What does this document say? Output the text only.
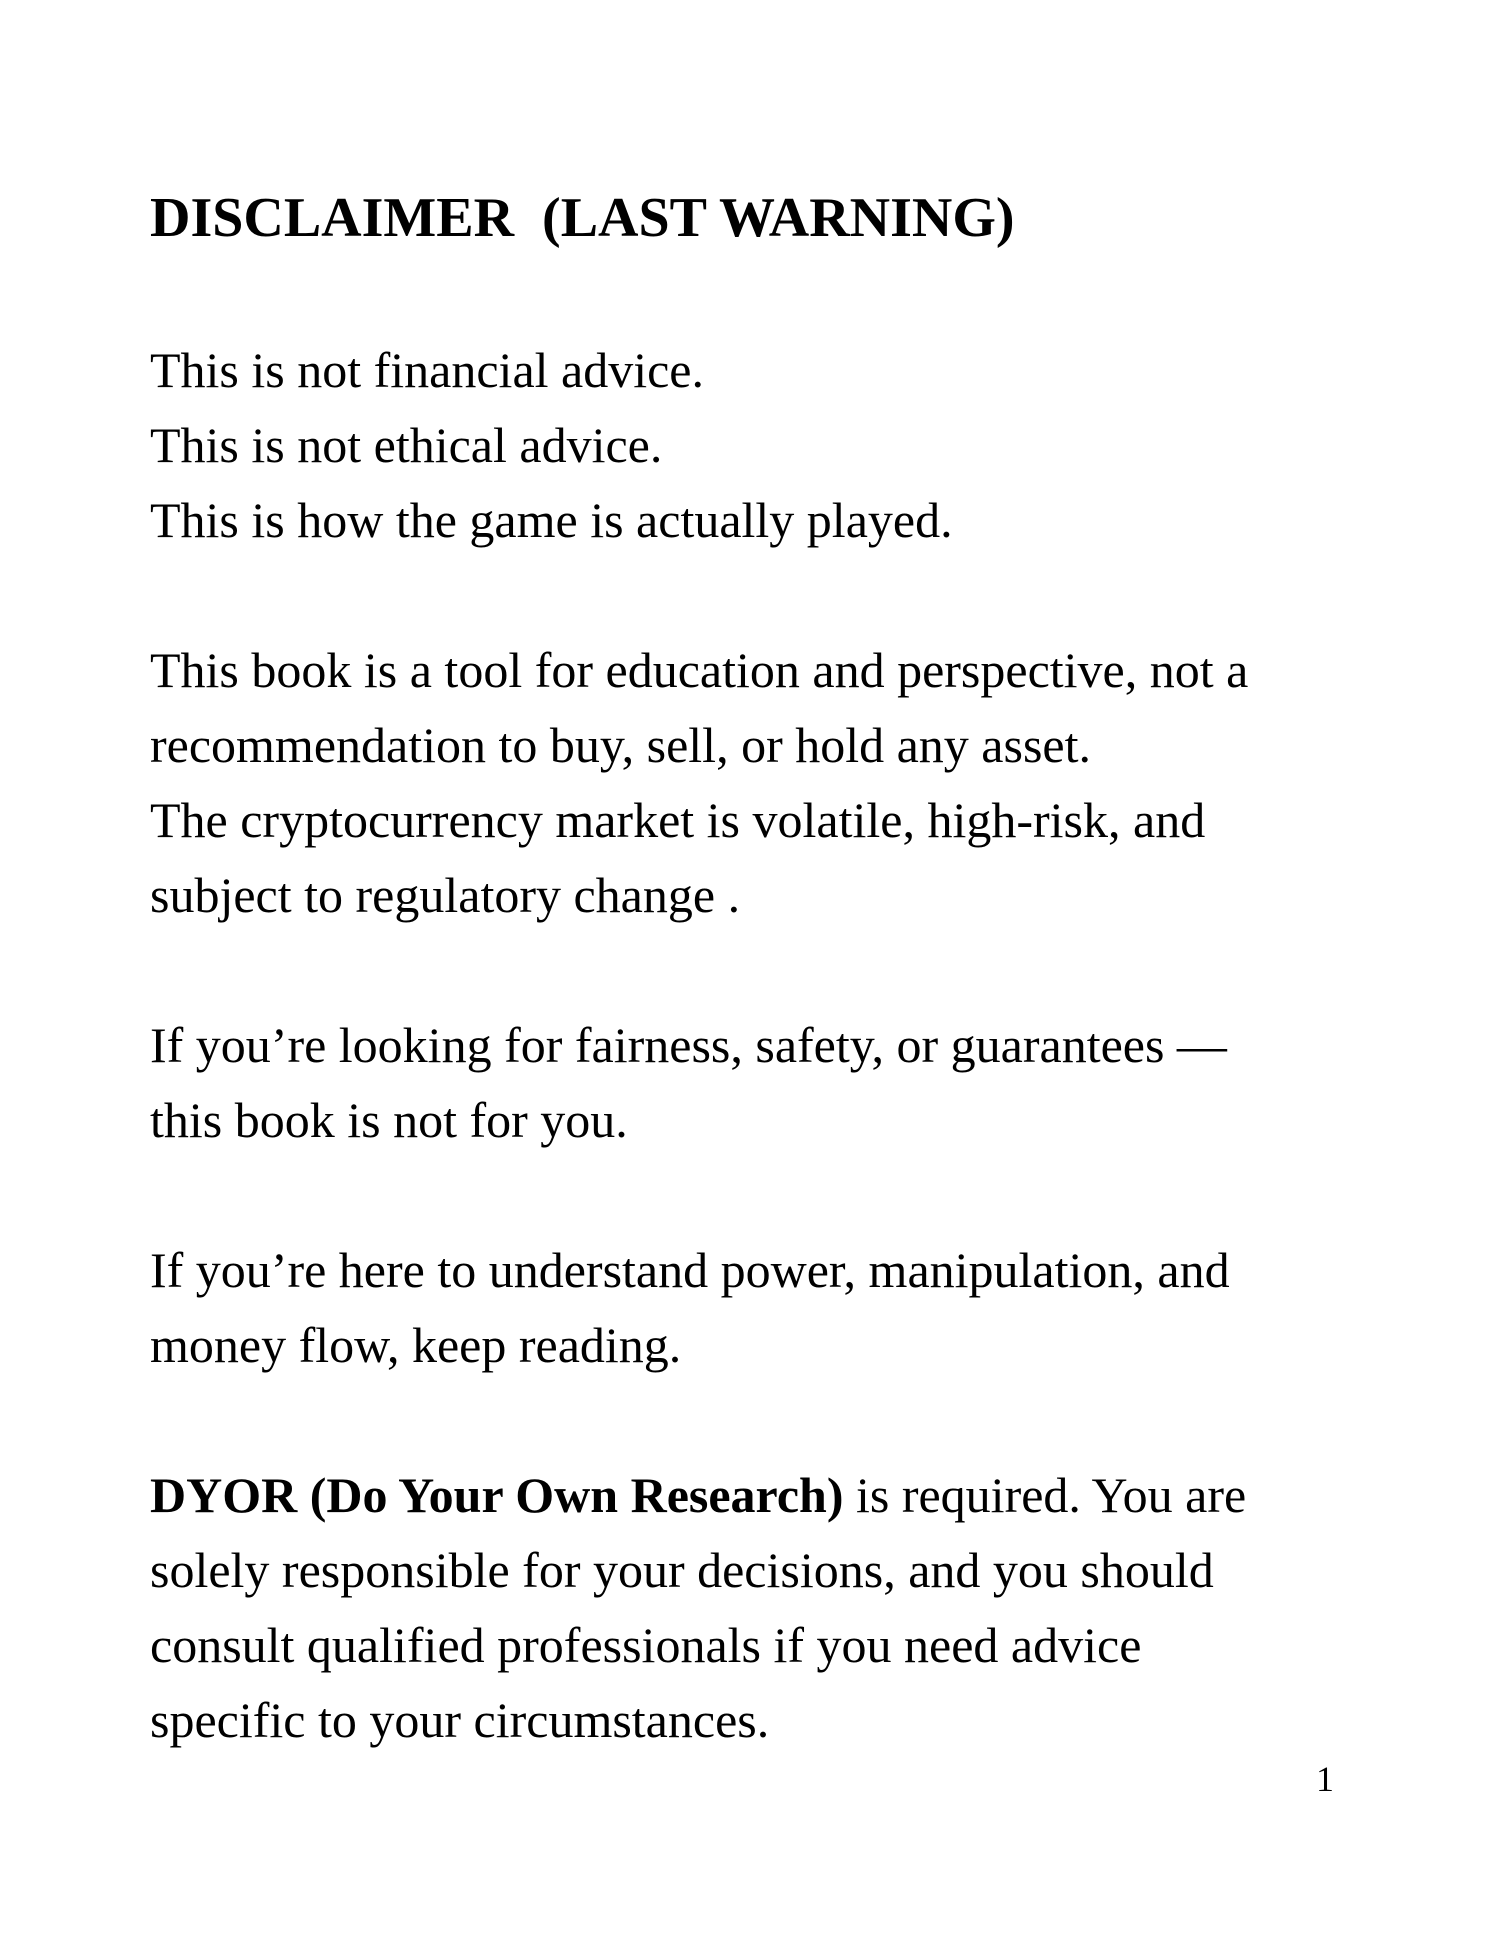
DISCLAIMER  (LAST WARNING)

This is not financial advice.

This is not ethical advice.

This is how the game is actually played.

This book is a tool for education and perspective, not a

recommendation to buy, sell, or hold any asset.

The cryptocurrency market is volatile, high-risk, and

subject to regulatory change .

If you’re looking for fairness, safety, or guarantees —

this book is not for you.

If you’re here to understand power, manipulation, and

money flow, keep reading.

DYOR (Do Your Own Research) is required. You are

solely responsible for your decisions, and you should

consult qualified professionals if you need advice

specific to your circumstances.

1
